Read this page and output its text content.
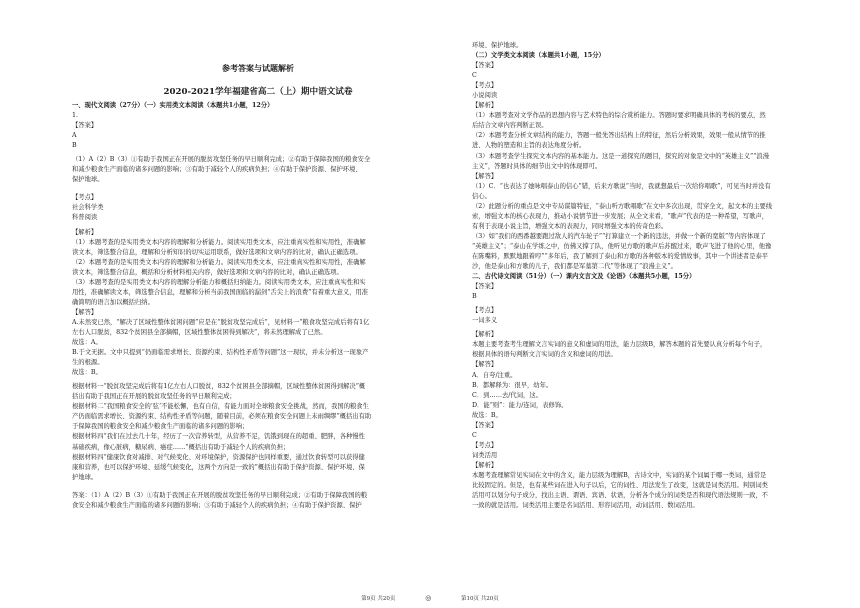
参考答案与试题解析

2020-2021学年福建省高二（上）期中语文试卷

一、现代文阅读（27分）（一）实用类文本阅读（本题共1小题，12分）

1.

【答案】

A

B

（1）A（2）B（3）①有助于我国正在开展的脱贫攻坚任务的早日顺利完成；②有助于保障我国的粮食安全

和减少粮食生产面临的诸多问题的影响；③有助于减轻个人的疾病负担；④有助于保护资源、保护环境、

保护地球。

【考点】

社会科学类

科普阅读

【解析】

（1）本题考查的是实用类文本内容的理解和分析能力。阅读实用类文本，应注重真实性和实用性，准确解

读文本，筛选整合信息，理解和分析知识的切实运用联系，做好选项和文章内容的比对，确认正确选项。

（2）本题考查的是实用类文本内容的理解和分析能力。阅读实用类文本，应注重真实性和实用性，准确解

读文本，筛选整合信息，概括和分析材料相关内容，做好选项和文章内容的比对，确认正确选项。

（3）本题考查的是实用类文本内容的理解分析能力和概括归纳能力。阅读实用类文本，应注重真实性和实

用性，准确解读文本，筛选整合信息，理解和分析当前我国面临的漏剑“舌尖上的浪费”有着重大意义，用准

确简明的语言加以概括归纳。

【解答】

A.未然变已然，“解决了区域性整体贫困问题”应是在“脱贫攻坚完成后”，见材料一“粮食攻坚完成后将有1亿

左右人口脱贫，832个贫困县全部摘帽，区域性整体贫困得到解决”，将未然理解成了已然。

故选：A。

B.于文无据。文中只提到“仍面临需求增长、资源约束、结构性矛盾等问题”这一现状，并未分析这一现象产

生的根源。

故选：B。

根据材料一“脱贫攻坚完成后将有1亿左右人口脱贫，832个贫困县全部摘帽，区域性整体贫困得到解决”概

括出有助于我国正在开展的脱贫攻坚任务的早日顺利完成；

根据材料二“我国粮食安全的‘弦’不能松懈，也有自信，有能力面对全球粮食安全挑战，然而，我国的粮食生

产仍面临需求增长、资源约束、结构性矛盾等问题，随着目前，必须在粮食安全问题上未雨绸缪”概括出有助

于保障我国的粮食安全和减少粮食生产面临的诸多问题的影响；

根据材料四“我们在过去几十年，经历了一次营养转型，从营养不足，饥饿到现在的超重、肥胖，各种慢性

基础疾病，像心脏病，糖尿病、癌症……”概括出有助于减轻个人的疾病负担；

根据材料四“健康饮食对减排、对气候变化、对环境保护，资源保护也同样重要，通过饮食转型可以获得健

康和营养，也可以保护环境、延缓气候变化，这两个方向是一致的”概括出有助于保护资源、保护环境、保

护地球。

答案：（1）A（2）B（3）①有助于我国正在开展的脱贫攻坚任务的早日顺利完成；②有助于保障我国的粮

食安全和减少粮食生产面临的诸多问题的影响；③有助于减轻个人的疾病负担；④有助于保护资源、保护

环境、保护地球。

（二）文学类文本阅读（本题共1小题，15分）

【答案】

C

【考点】

小说阅读

【解析】

（1）本题考查对文学作品的思想内容与艺术特色的综合赏析能力。答题时要求明确具体的考核的要点，然

后结合文章内容判断正误。

（2）本题考查分析文章结构的能力，答题一般先答出结构上的特征，然后分析效果，效果一般从情节的推

进、人物的塑造和主旨的表达角度分析。

（3）本题考查学生探究文本内容的基本能力。这是一道探究的题目，探究的对象是文中的“英雄主义”“浪漫

主义”，答题时具体的细节出文中的体现即可。

【解答】

（1）C．“也表达了她咏唱泰山的信心”错，后来方歌说“当时，我就想最后一次给你唱歌”，可见当时并没有

信心。

（2）此题分析的重点是文中专局谋篇特征，“泰山听方歌唱歌”在文中多次出现，贯穿全文，起文本的主要线

索，增强文本的核心表现力，推动小说情节进一步发展；从全文来看，“歌声”代表的是一种希望，写歌声，

有利于表现小说主旨，增强文本的表现力，同时增强文本的传奇色彩。

（3）如“我们的西番越要跑过敌人的汽车轮子”“打算建立一个新的违法，并做一个新的宽版”等内容体现了

“英雄主义”；“泰山在学练之中，仿佛又撑了队，他听见方歌的歌声后苏醒过来，歌声飞进了他的心里，他豫

在陈嘴料，默默地跟着哼”“多年后，我了解到了泰山和方歌的各种版本的爱情故事，其中一个讲述者是泰平

沙，他是泰山和方歌的儿子，我们都是军墓第二代”等体现了“浪漫主义”。

二、古代诗文阅读（51分）（一）课内文言文及《论语》（本题共5小题，15分）

【答案】

B

【考点】

一词多义

【解析】

本题主要考查考生理解文言实词的意义和虚词的用法，能力层级B，解答本题的首先要认真分析每个句子，

根据具体的语句判断文言实词的含义和虚词的用法。

【解答】

A．自夸/注重。

B．都解释为：很早，幼年。

C．到……去/代词，这。

D．能“则”：能力/连词，表修饰。

故选：B。

【答案】

C

【考点】

词类活用

【解析】

本题考查理解常见实词在文中的含义，能力层级为理解B，古诗文中，实词的某个词属于哪一类词，通常是

比较固定的。但是，也有某些词在进入句子以后，它的词性、用法发生了改变，这就是词类活用。判别词类

活用可以划分句子成分，找出主语、谓语、宾语、状语，分析各个成分的词类是否和现代语法规则一致，不

一致的就是活用。词类活用主要是名词活用、形容词活用，动词活用、数词活用。

第9页 共20页	◎	第10页 共20页
